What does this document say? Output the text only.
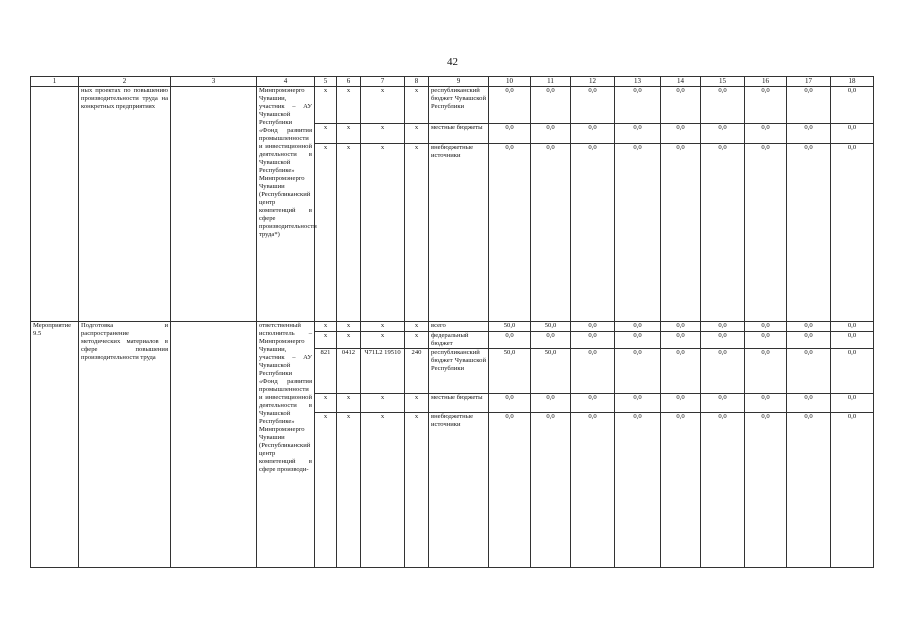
42
1	2	3	4	5	6	7	8	9	10	11	12	13	14	15	16	17	18
	ных проектах по повышению производительности труда на конкретных предприятиях		Минпромэнерго Чувашии, участник – АУ Чувашской Республики «Фонд развития промышленности и инвестиционной деятельности в Чувашской Республике» Минпромэнерго Чувашии (Республиканский центр компетенций в сфере производительности труда*)	x	x	x	x	республиканский бюджет Чувашской Республики	0,0	0,0	0,0	0,0	0,0	0,0	0,0	0,0	0,0
				x	x	x	x	местные бюджеты	0,0	0,0	0,0	0,0	0,0	0,0	0,0	0,0	0,0
				x	x	x	x	внебюджетные источники	0,0	0,0	0,0	0,0	0,0	0,0	0,0	0,0	0,0
Мероприятие 9.5	Подготовка и распространение методических материалов в сфере повышения производительности труда		ответственный исполнитель – Минпромэнерго Чувашии, участник – АУ Чувашской Республики «Фонд развития промышленности и инвестиционной деятельности в Чувашской Республике» Минпромэнерго Чувашии (Республиканский центр компетенций в сфере производи-	x	x	x	x	всего	50,0	50,0	0,0	0,0	0,0	0,0	0,0	0,0	0,0
				x	x	x	x	федеральный бюджет	0,0	0,0	0,0	0,0	0,0	0,0	0,0	0,0	0,0
				821	0412	Ч71L2 19510	240	республиканский бюджет Чувашской Республики	50,0	50,0	0,0	0,0	0,0	0,0	0,0	0,0	0,0
				x	x	x	x	местные бюджеты	0,0	0,0	0,0	0,0	0,0	0,0	0,0	0,0	0,0
				x	x	x	x	внебюджетные источники	0,0	0,0	0,0	0,0	0,0	0,0	0,0	0,0	0,0
